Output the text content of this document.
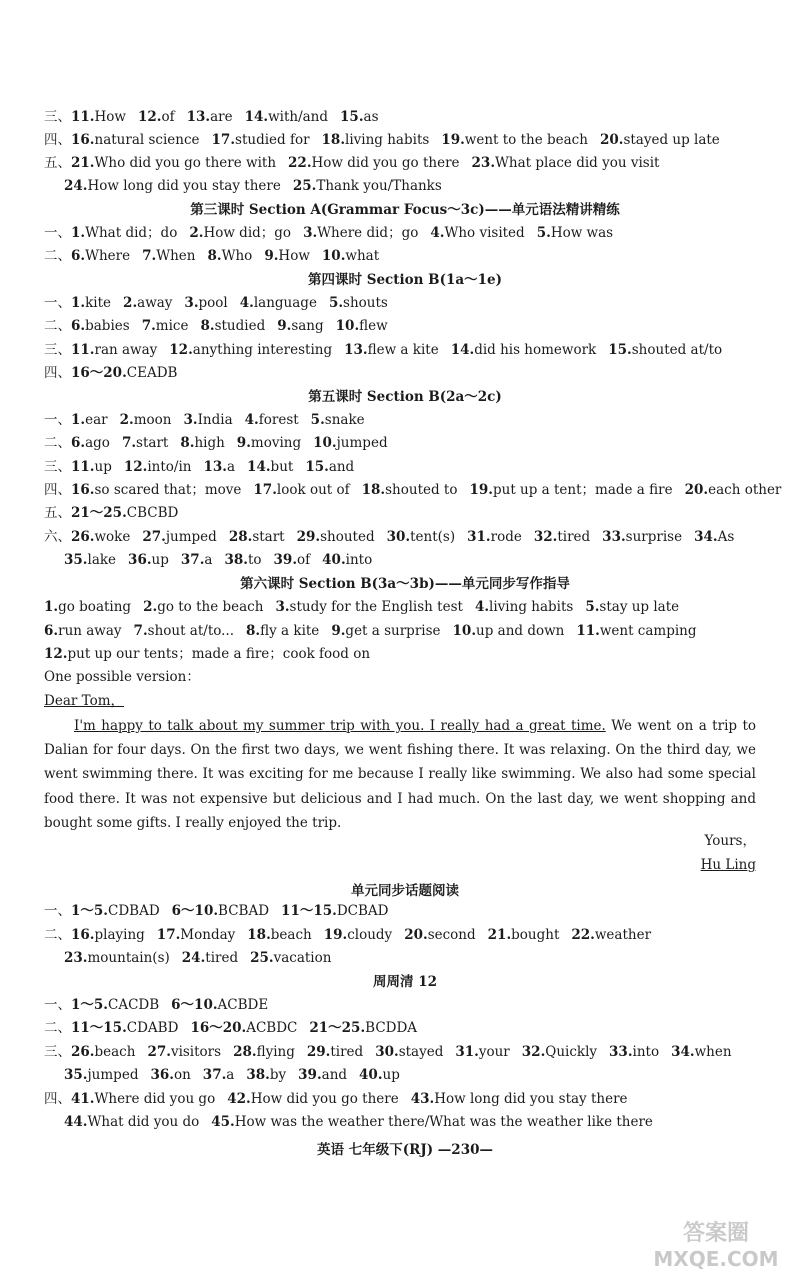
三、11.How 12.of 13.are 14.with/and 15.as
四、16.natural science 17.studied for 18.living habits 19.went to the beach 20.stayed up late
五、21.Who did you go there with 22.How did you go there 23.What place did you visit
24.How long did you stay there 25.Thank you/Thanks
第三课时 Section A(Grammar Focus～3c)——单元语法精讲精练
一、1.What did；do 2.How did；go 3.Where did；go 4.Who visited 5.How was
二、6.Where 7.When 8.Who 9.How 10.what
第四课时 Section B(1a～1e)
一、1.kite 2.away 3.pool 4.language 5.shouts
二、6.babies 7.mice 8.studied 9.sang 10.flew
三、11.ran away 12.anything interesting 13.flew a kite 14.did his homework 15.shouted at/to
四、16～20.CEADB
第五课时 Section B(2a～2c)
一、1.ear 2.moon 3.India 4.forest 5.snake
二、6.ago 7.start 8.high 9.moving 10.jumped
三、11.up 12.into/in 13.a 14.but 15.and
四、16.so scared that；move 17.look out of 18.shouted to 19.put up a tent；made a fire 20.each other
五、21～25.CBCBD
六、26.woke 27.jumped 28.start 29.shouted 30.tent(s) 31.rode 32.tired 33.surprise 34.As
35.lake 36.up 37.a 38.to 39.of 40.into
第六课时 Section B(3a～3b)——单元同步写作指导
1.go boating 2.go to the beach 3.study for the English test 4.living habits 5.stay up late
6.run away 7.shout at/to... 8.fly a kite 9.get a surprise 10.up and down 11.went camping
12.put up our tents；made a fire；cook food on
One possible version：
Dear Tom，
单元同步话题阅读
一、1～5.CDBAD 6～10.BCBAD 11～15.DCBAD
二、16.playing 17.Monday 18.beach 19.cloudy 20.second 21.bought 22.weather
23.mountain(s) 24.tired 25.vacation
周周清 12
一、1～5.CACDB 6～10.ACBDE
二、11～15.CDABD 16～20.ACBDC 21～25.BCDDA
三、26.beach 27.visitors 28.flying 29.tired 30.stayed 31.your 32.Quickly 33.into 34.when
35.jumped 36.on 37.a 38.by 39.and 40.up
四、41.Where did you go 42.How did you go there 43.How long did you stay there
44.What did you do 45.How was the weather there/What was the weather like there
I'm happy to talk about my summer trip with you. I really had a great time. We went on a trip to Dalian for four days. On the first two days, we went fishing there. It was relaxing. On the third day, we went swimming there. It was exciting for me because I really like swimming. We also had some special food there. It was not expensive but delicious and I had much. On the last day, we went shopping and bought some gifts. I really enjoyed the trip.
Yours，
Hu Ling
英语 七年级下(RJ) —230—
答案圈
MXQE.COM
